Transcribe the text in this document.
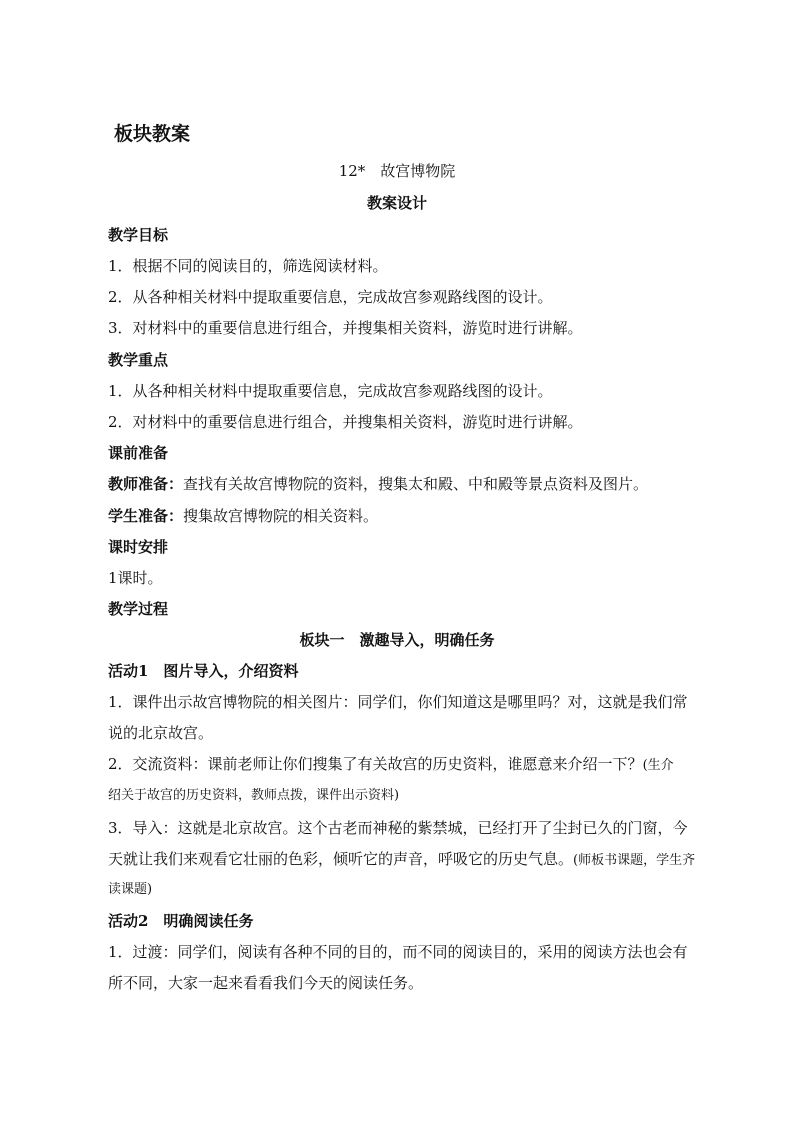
板块教案
12*　故宫博物院
教案设计
教学目标
1．根据不同的阅读目的，筛选阅读材料。
2．从各种相关材料中提取重要信息，完成故宫参观路线图的设计。
3．对材料中的重要信息进行组合，并搜集相关资料，游览时进行讲解。
教学重点
1．从各种相关材料中提取重要信息，完成故宫参观路线图的设计。
2．对材料中的重要信息进行组合，并搜集相关资料，游览时进行讲解。
课前准备
教师准备：查找有关故宫博物院的资料，搜集太和殿、中和殿等景点资料及图片。
学生准备：搜集故宫博物院的相关资料。
课时安排
1课时。
教学过程
板块一　激趣导入，明确任务
活动1　图片导入，介绍资料
1．课件出示故宫博物院的相关图片：同学们，你们知道这是哪里吗？对，这就是我们常
说的北京故宫。
2．交流资料：课前老师让你们搜集了有关故宫的历史资料，谁愿意来介绍一下？(生介
绍关于故宫的历史资料，教师点拨，课件出示资料)
3．导入：这就是北京故宫。这个古老而神秘的紫禁城，已经打开了尘封已久的门窗，今
天就让我们来观看它壮丽的色彩，倾听它的声音，呼吸它的历史气息。(师板书课题，学生齐
读课题)
活动2　明确阅读任务
1．过渡：同学们，阅读有各种不同的目的，而不同的阅读目的，采用的阅读方法也会有
所不同，大家一起来看看我们今天的阅读任务。
